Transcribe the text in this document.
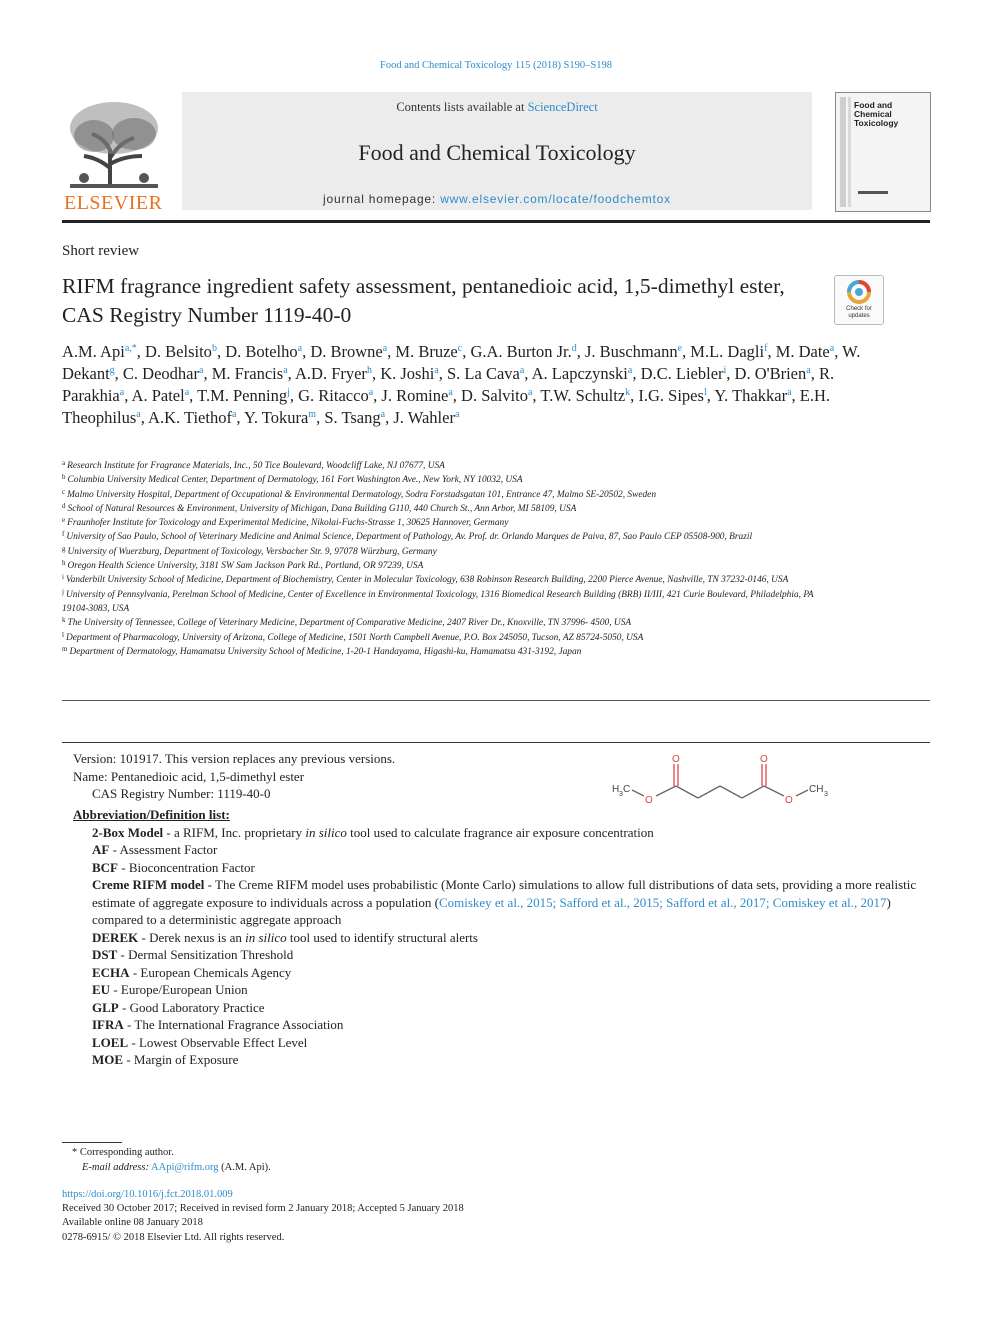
Food and Chemical Toxicology 115 (2018) S190–S198
ELSEVIER
Contents lists available at ScienceDirect
Food and Chemical Toxicology
journal homepage: www.elsevier.com/locate/foodchemtox
Food and Chemical Toxicology
Short review
RIFM fragrance ingredient safety assessment, pentanedioic acid, 1,5-dimethyl ester, CAS Registry Number 1119-40-0	Check for updates
A.M. Api$^{a,*}$, D. Belsito$^b$, D. Botelho$^a$, D. Browne$^a$, M. Bruze$^c$, G.A. Burton Jr.$^d$, J. Buschmann$^e$, M.L. Dagli$^f$, M. Date$^a$, W. Dekant$^g$, C. Deodhar$^a$, M. Francis$^a$, A.D. Fryer$^h$, K. Joshi$^a$, S. La Cava$^a$, A. Lapczynski$^a$, D.C. Liebler$^i$, D. O'Brien$^a$, R. Parakhia$^a$, A. Patel$^a$, T.M. Penning$^j$, G. Ritacco$^a$, J. Romine$^a$, D. Salvito$^a$, T.W. Schultz$^k$, I.G. Sipes$^l$, Y. Thakkar$^a$, E.H. Theophilus$^a$, A.K. Tiethof$^a$, Y. Tokura$^m$, S. Tsang$^a$, J. Wahler$^a$
$^a$ Research Institute for Fragrance Materials, Inc., 50 Tice Boulevard, Woodcliff Lake, NJ 07677, USA
$^b$ Columbia University Medical Center, Department of Dermatology, 161 Fort Washington Ave., New York, NY 10032, USA
$^c$ Malmo University Hospital, Department of Occupational & Environmental Dermatology, Sodra Forstadsgatan 101, Entrance 47, Malmo SE-20502, Sweden
$^d$ School of Natural Resources & Environment, University of Michigan, Dana Building G110, 440 Church St., Ann Arbor, MI 58109, USA
$^e$ Fraunhofer Institute for Toxicology and Experimental Medicine, Nikolai-Fuchs-Strasse 1, 30625 Hannover, Germany
$^f$ University of Sao Paulo, School of Veterinary Medicine and Animal Science, Department of Pathology, Av. Prof. dr. Orlando Marques de Paiva, 87, Sao Paulo CEP 05508-900, Brazil
$^g$ University of Wuerzburg, Department of Toxicology, Versbacher Str. 9, 97078 Würzburg, Germany
$^h$ Oregon Health Science University, 3181 SW Sam Jackson Park Rd., Portland, OR 97239, USA
$^i$ Vanderbilt University School of Medicine, Department of Biochemistry, Center in Molecular Toxicology, 638 Robinson Research Building, 2200 Pierce Avenue, Nashville, TN 37232-0146, USA
$^j$ University of Pennsylvania, Perelman School of Medicine, Center of Excellence in Environmental Toxicology, 1316 Biomedical Research Building (BRB) II/III, 421 Curie Boulevard, Philadelphia, PA 19104-3083, USA
$^k$ The University of Tennessee, College of Veterinary Medicine, Department of Comparative Medicine, 2407 River Dr., Knoxville, TN 37996- 4500, USA
$^l$ Department of Pharmacology, University of Arizona, College of Medicine, 1501 North Campbell Avenue, P.O. Box 245050, Tucson, AZ 85724-5050, USA
$^m$ Department of Dermatology, Hamamatsu University School of Medicine, 1-20-1 Handayama, Higashi-ku, Hamamatsu 431-3192, Japan
Version: 101917. This version replaces any previous versions.
Name: Pentanedioic acid, 1,5-dimethyl ester
CAS Registry Number: 1119-40-0	H 3 C
O
O	O
O
CH 3
Abbreviation/Definition list:
2-Box Model - a RIFM, Inc. proprietary in silico tool used to calculate fragrance air exposure concentration
AF - Assessment Factor
BCF - Bioconcentration Factor
Creme RIFM model - The Creme RIFM model uses probabilistic (Monte Carlo) simulations to allow full distributions of data sets, providing a more realistic estimate of aggregate exposure to individuals across a population (Comiskey et al., 2015; Safford et al., 2015; Safford et al., 2017; Comiskey et al., 2017) compared to a deterministic aggregate approach
DEREK - Derek nexus is an in silico tool used to identify structural alerts
DST - Dermal Sensitization Threshold
ECHA - European Chemicals Agency
EU - Europe/European Union
GLP - Good Laboratory Practice
IFRA - The International Fragrance Association
LOEL - Lowest Observable Effect Level
MOE - Margin of Exposure
* Corresponding author.
E-mail address: AApi@rifm.org (A.M. Api).
https://doi.org/10.1016/j.fct.2018.01.009
Received 30 October 2017; Received in revised form 2 January 2018; Accepted 5 January 2018
Available online 08 January 2018
0278-6915/ © 2018 Elsevier Ltd. All rights reserved.
